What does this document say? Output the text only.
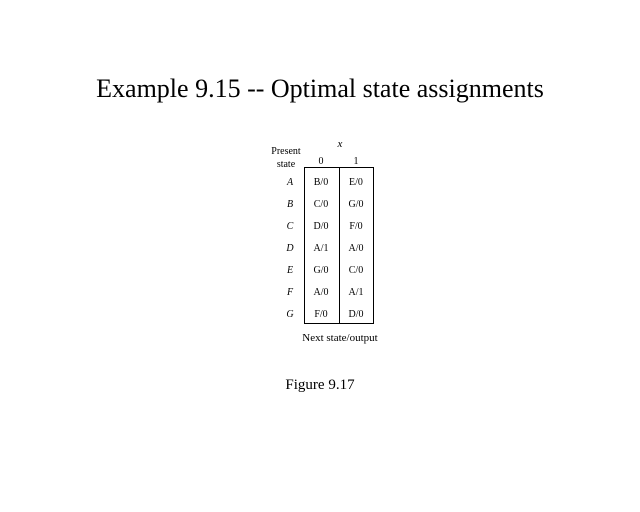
Example 9.15 -- Optimal state assignments
Present state
x
0	1
A	B/0	E/0
B	C/0	G/0
C	D/0	F/0
D	A/1	A/0
E	G/0	C/0
F	A/0	A/1
G	F/0	D/0
Next state/output
Figure 9.17
